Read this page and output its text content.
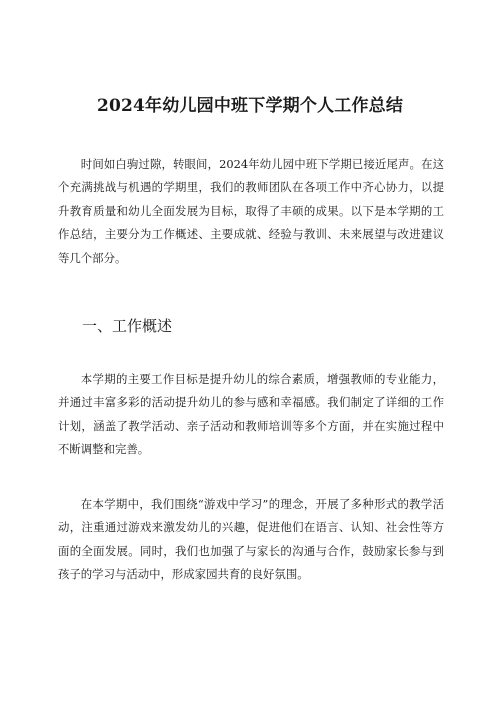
2024年幼儿园中班下学期个人工作总结

时间如白驹过隙，转眼间，2024年幼儿园中班下学期已接近尾声。在这个充满挑战与机遇的学期里，我们的教师团队在各项工作中齐心协力，以提升教育质量和幼儿全面发展为目标，取得了丰硕的成果。以下是本学期的工作总结，主要分为工作概述、主要成就、经验与教训、未来展望与改进建议等几个部分。

一、工作概述

本学期的主要工作目标是提升幼儿的综合素质，增强教师的专业能力，并通过丰富多彩的活动提升幼儿的参与感和幸福感。我们制定了详细的工作计划，涵盖了教学活动、亲子活动和教师培训等多个方面，并在实施过程中不断调整和完善。

在本学期中，我们围绕“游戏中学习”的理念，开展了多种形式的教学活动，注重通过游戏来激发幼儿的兴趣，促进他们在语言、认知、社会性等方面的全面发展。同时，我们也加强了与家长的沟通与合作，鼓励家长参与到孩子的学习与活动中，形成家园共育的良好氛围。
